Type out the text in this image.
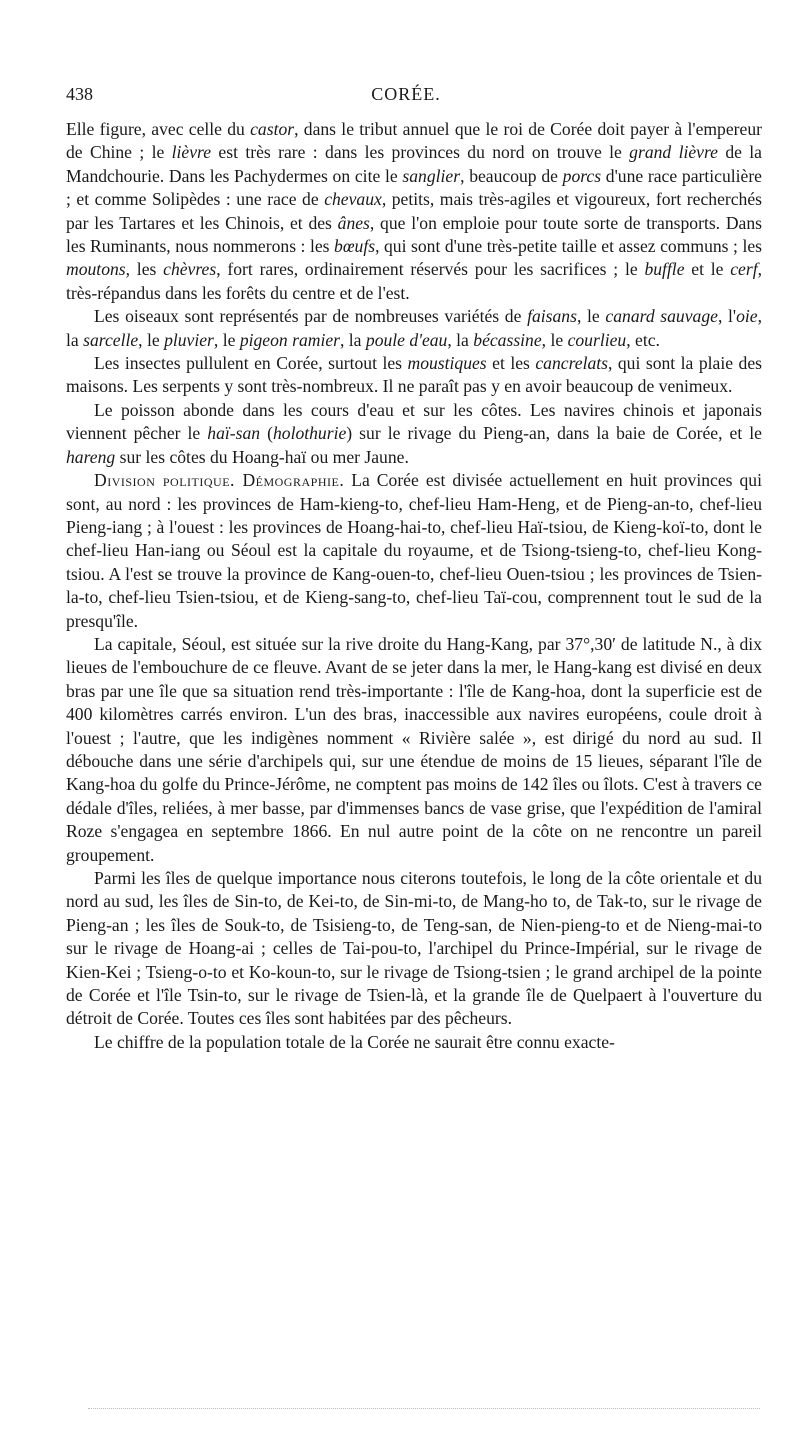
438	CORÉE.

Elle figure, avec celle du castor, dans le tribut annuel que le roi de Corée doit payer à l'empereur de Chine ; le lièvre est très rare : dans les provinces du nord on trouve le grand lièvre de la Mandchourie. Dans les Pachydermes on cite le sanglier, beaucoup de porcs d'une race particulière ; et comme Solipèdes : une race de chevaux, petits, mais très-agiles et vigoureux, fort recherchés par les Tartares et les Chinois, et des ânes, que l'on emploie pour toute sorte de transports. Dans les Ruminants, nous nommerons : les bœufs, qui sont d'une très-petite taille et assez communs ; les moutons, les chèvres, fort rares, ordinairement réservés pour les sacrifices ; le buffle et le cerf, très-répandus dans les forêts du centre et de l'est.

Les oiseaux sont représentés par de nombreuses variétés de faisans, le canard sauvage, l'oie, la sarcelle, le pluvier, le pigeon ramier, la poule d'eau, la bécassine, le courlieu, etc.

Les insectes pullulent en Corée, surtout les moustiques et les cancrelats, qui sont la plaie des maisons. Les serpents y sont très-nombreux. Il ne paraît pas y en avoir beaucoup de venimeux.

Le poisson abonde dans les cours d'eau et sur les côtes. Les navires chinois et japonais viennent pêcher le haï-san (holothurie) sur le rivage du Pieng-an, dans la baie de Corée, et le hareng sur les côtes du Hoang-haï ou mer Jaune.

Division politique. Démographie. La Corée est divisée actuellement en huit provinces qui sont, au nord : les provinces de Ham-kieng-to, chef-lieu Ham-Heng, et de Pieng-an-to, chef-lieu Pieng-iang ; à l'ouest : les provinces de Hoang-hai-to, chef-lieu Haï-tsiou, de Kieng-koï-to, dont le chef-lieu Han-iang ou Séoul est la capitale du royaume, et de Tsiong-tsieng-to, chef-lieu Kong-tsiou. A l'est se trouve la province de Kang-ouen-to, chef-lieu Ouen-tsiou ; les provinces de Tsien-la-to, chef-lieu Tsien-tsiou, et de Kieng-sang-to, chef-lieu Taï-cou, comprennent tout le sud de la presqu'île.

La capitale, Séoul, est située sur la rive droite du Hang-Kang, par 37°,30′ de latitude N., à dix lieues de l'embouchure de ce fleuve. Avant de se jeter dans la mer, le Hang-kang est divisé en deux bras par une île que sa situation rend très-importante : l'île de Kang-hoa, dont la superficie est de 400 kilomètres carrés environ. L'un des bras, inaccessible aux navires européens, coule droit à l'ouest ; l'autre, que les indigènes nomment « Rivière salée », est dirigé du nord au sud. Il débouche dans une série d'archipels qui, sur une étendue de moins de 15 lieues, séparant l'île de Kang-hoa du golfe du Prince-Jérôme, ne comptent pas moins de 142 îles ou îlots. C'est à travers ce dédale d'îles, reliées, à mer basse, par d'immenses bancs de vase grise, que l'expédition de l'amiral Roze s'engagea en septembre 1866. En nul autre point de la côte on ne rencontre un pareil groupement.

Parmi les îles de quelque importance nous citerons toutefois, le long de la côte orientale et du nord au sud, les îles de Sin-to, de Kei-to, de Sin-mi-to, de Mang-ho to, de Tak-to, sur le rivage de Pieng-an ; les îles de Souk-to, de Tsisieng-to, de Teng-san, de Nien-pieng-to et de Nieng-mai-to sur le rivage de Hoang-ai ; celles de Tai-pou-to, l'archipel du Prince-Impérial, sur le rivage de Kien-Kei ; Tsieng-o-to et Ko-koun-to, sur le rivage de Tsiong-tsien ; le grand archipel de la pointe de Corée et l'île Tsin-to, sur le rivage de Tsien-là, et la grande île de Quelpaert à l'ouverture du détroit de Corée. Toutes ces îles sont habitées par des pêcheurs.

Le chiffre de la population totale de la Corée ne saurait être connu exacte-
